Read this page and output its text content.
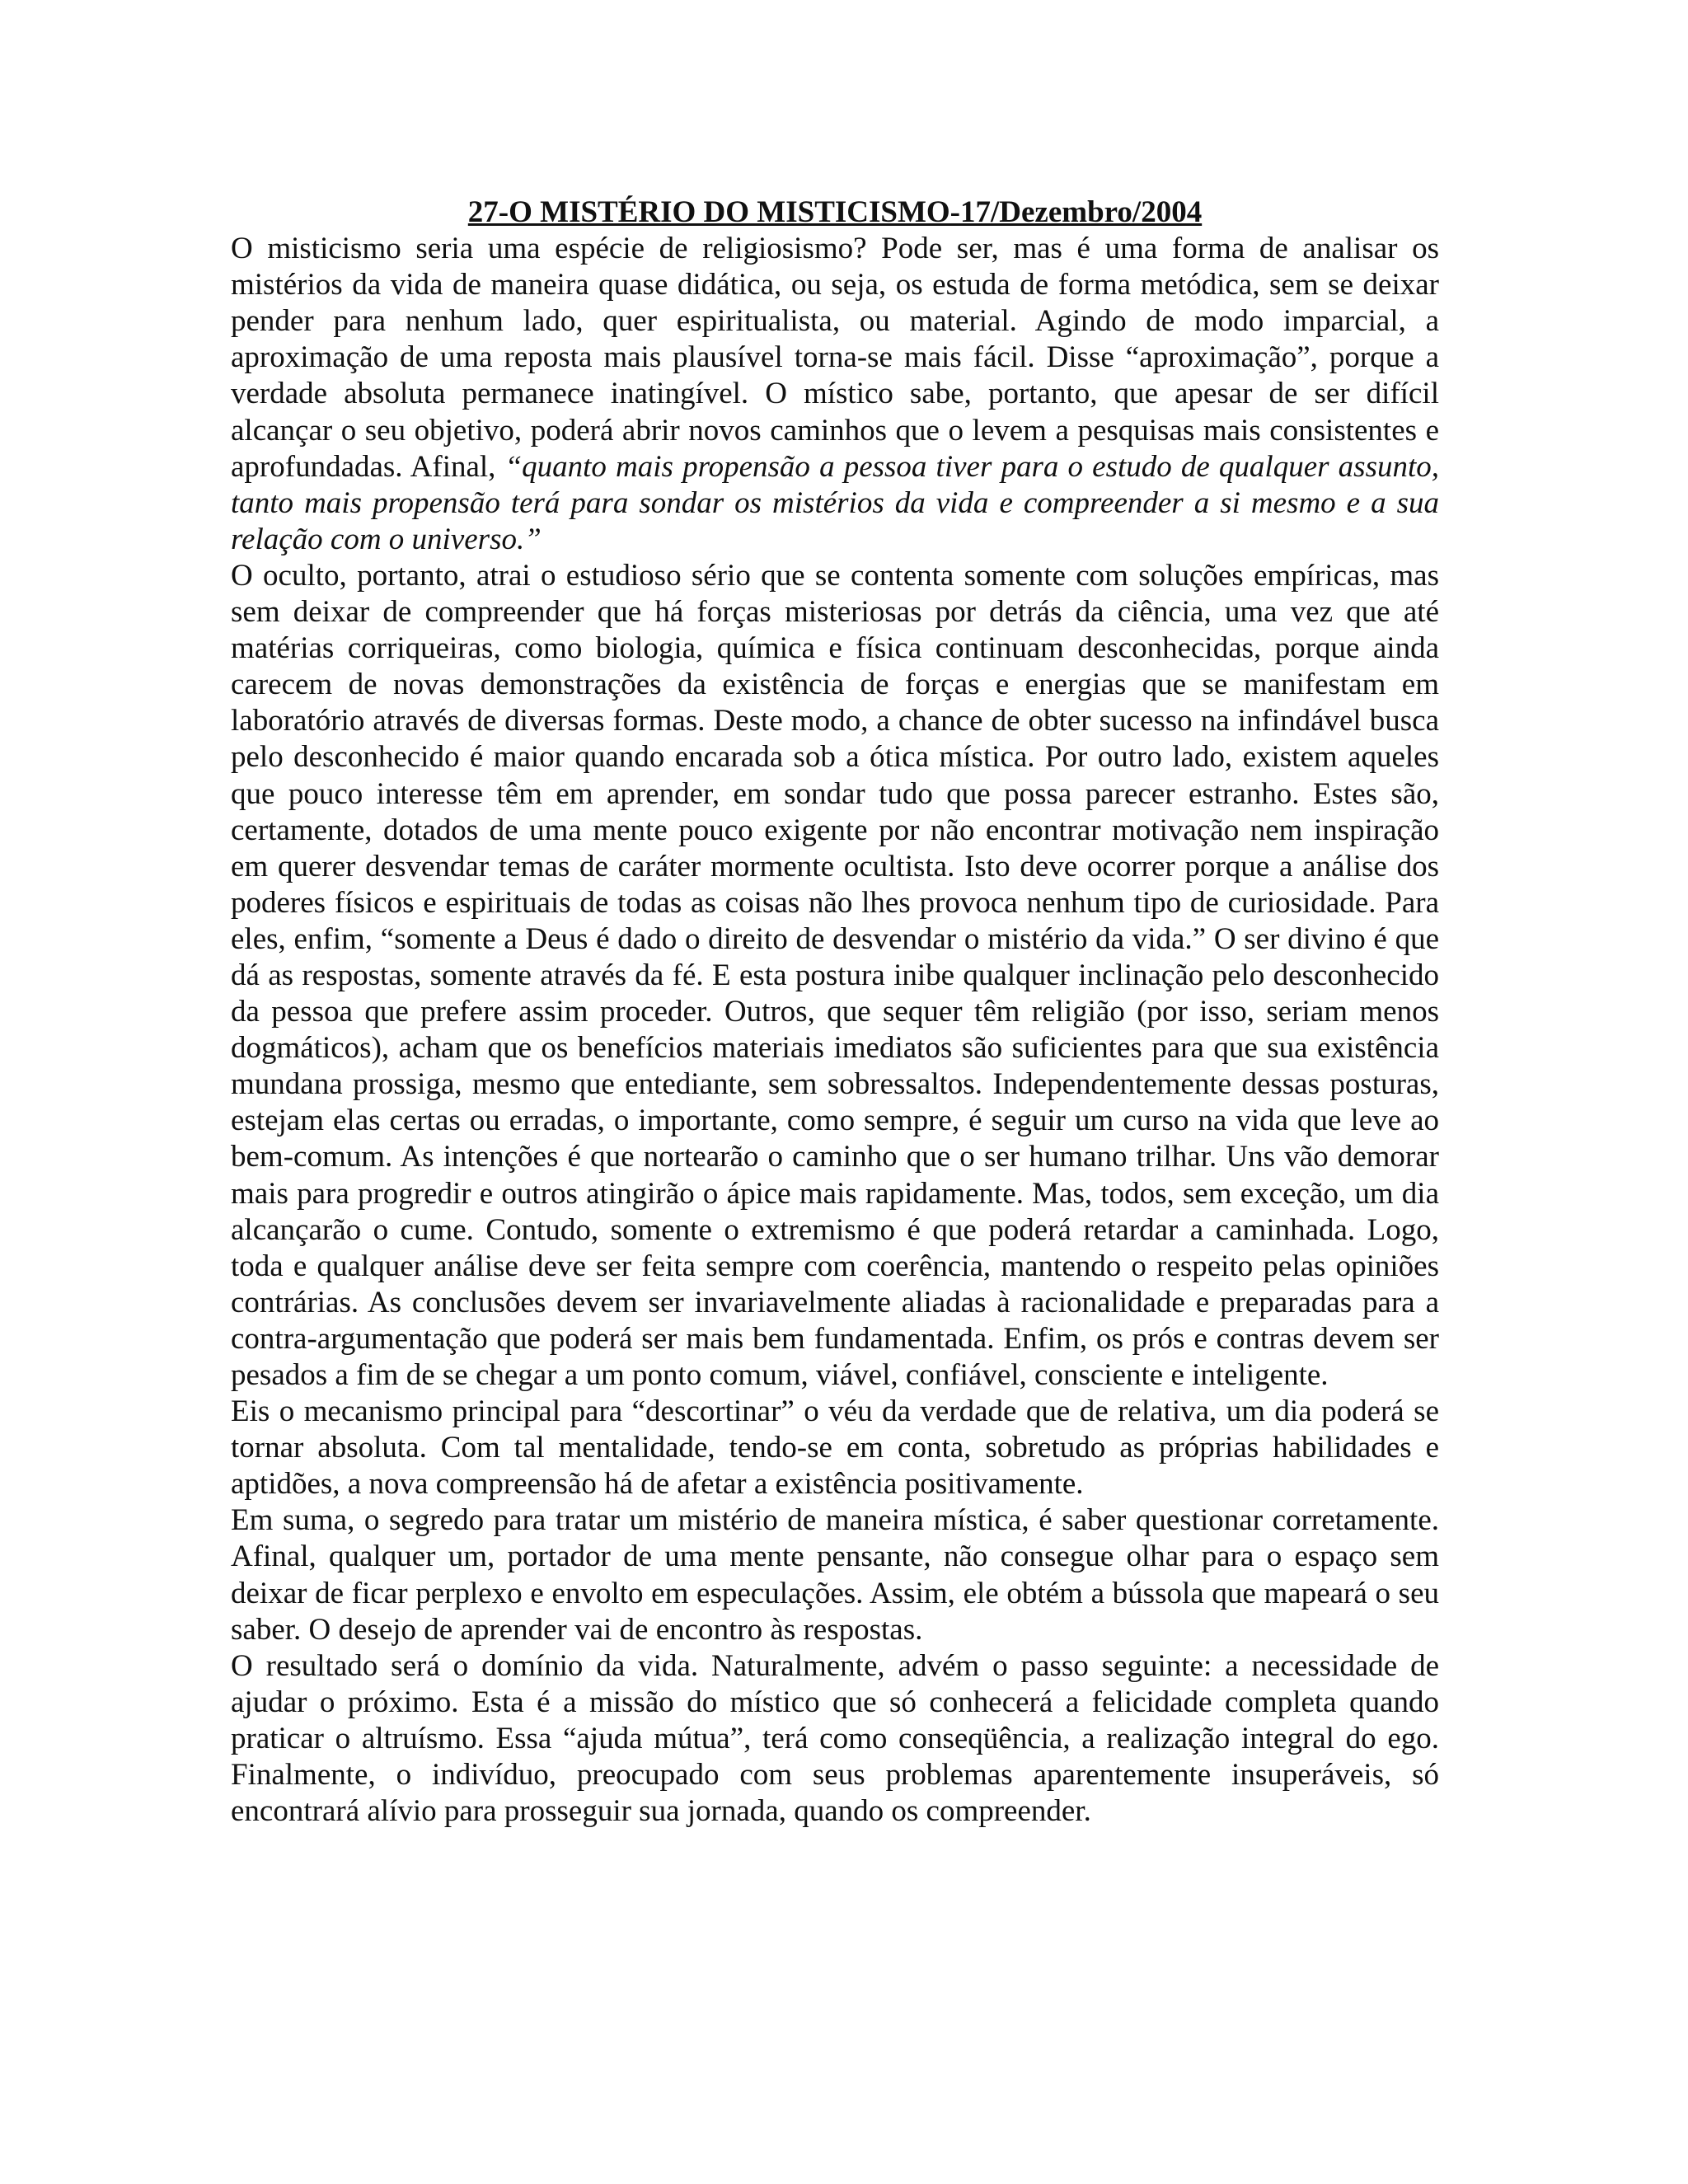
27-O MISTÉRIO DO MISTICISMO-17/Dezembro/2004

O misticismo seria uma espécie de religiosismo? Pode ser, mas é uma forma de analisar os mistérios da vida de maneira quase didática, ou seja, os estuda de forma metódica, sem se deixar pender para nenhum lado, quer espiritualista, ou material. Agindo de modo imparcial, a aproximação de uma reposta mais plausível torna-se mais fácil. Disse “aproximação”, porque a verdade absoluta permanece inatingível. O místico sabe, portanto, que apesar de ser difícil alcançar o seu objetivo, poderá abrir novos caminhos que o levem a pesquisas mais consistentes e aprofundadas. Afinal, “quanto mais propensão a pessoa tiver para o estudo de qualquer assunto, tanto mais propensão terá para sondar os mistérios da vida e compreender a si mesmo e a sua relação com o universo.”

O oculto, portanto, atrai o estudioso sério que se contenta somente com soluções empíricas, mas sem deixar de compreender que há forças misteriosas por detrás da ciência, uma vez que até matérias corriqueiras, como biologia, química e física continuam desconhecidas, porque ainda carecem de novas demonstrações da existência de forças e energias que se manifestam em laboratório através de diversas formas. Deste modo, a chance de obter sucesso na infindável busca pelo desconhecido é maior quando encarada sob a ótica mística. Por outro lado, existem aqueles que pouco interesse têm em aprender, em sondar tudo que possa parecer estranho. Estes são, certamente, dotados de uma mente pouco exigente por não encontrar motivação nem inspiração em querer desvendar temas de caráter mormente ocultista. Isto deve ocorrer porque a análise dos poderes físicos e espirituais de todas as coisas não lhes provoca nenhum tipo de curiosidade. Para eles, enfim, “somente a Deus é dado o direito de desvendar o mistério da vida.” O ser divino é que dá as respostas, somente através da fé. E esta postura inibe qualquer inclinação pelo desconhecido da pessoa que prefere assim proceder. Outros, que sequer têm religião (por isso, seriam menos dogmáticos), acham que os benefícios materiais imediatos são suficientes para que sua existência mundana prossiga, mesmo que entediante, sem sobressaltos. Independentemente dessas posturas, estejam elas certas ou erradas, o importante, como sempre, é seguir um curso na vida que leve ao bem-comum. As intenções é que nortearão o caminho que o ser humano trilhar. Uns vão demorar mais para progredir e outros atingirão o ápice mais rapidamente. Mas, todos, sem exceção, um dia alcançarão o cume. Contudo, somente o extremismo é que poderá retardar a caminhada. Logo, toda e qualquer análise deve ser feita sempre com coerência, mantendo o respeito pelas opiniões contrárias. As conclusões devem ser invariavelmente aliadas à racionalidade e preparadas para a contra-argumentação que poderá ser mais bem fundamentada. Enfim, os prós e contras devem ser pesados a fim de se chegar a um ponto comum, viável, confiável, consciente e inteligente.

Eis o mecanismo principal para “descortinar” o véu da verdade que de relativa, um dia poderá se tornar absoluta. Com tal mentalidade, tendo-se em conta, sobretudo as próprias habilidades e aptidões, a nova compreensão há de afetar a existência positivamente.

Em suma, o segredo para tratar um mistério de maneira mística, é saber questionar corretamente. Afinal, qualquer um, portador de uma mente pensante, não consegue olhar para o espaço sem deixar de ficar perplexo e envolto em especulações. Assim, ele obtém a bússola que mapeará o seu saber. O desejo de aprender vai de encontro às respostas.

O resultado será o domínio da vida. Naturalmente, advém o passo seguinte: a necessidade de ajudar o próximo. Esta é a missão do místico que só conhecerá a felicidade completa quando praticar o altruísmo. Essa “ajuda mútua”, terá como conseqüência, a realização integral do ego. Finalmente, o indivíduo, preocupado com seus problemas aparentemente insuperáveis, só encontrará alívio para prosseguir sua jornada, quando os compreender.
